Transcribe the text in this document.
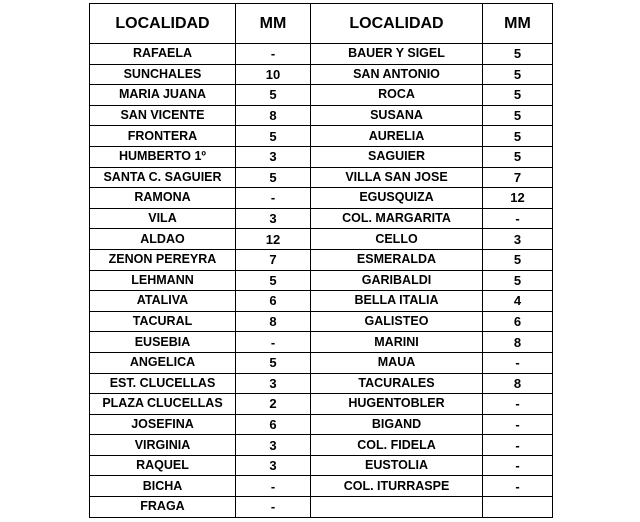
LOCALIDAD	MM	LOCALIDAD	MM
RAFAELA	-	BAUER Y SIGEL	5
SUNCHALES	10	SAN ANTONIO	5
MARIA JUANA	5	ROCA	5
SAN VICENTE	8	SUSANA	5
FRONTERA	5	AURELIA	5
HUMBERTO 1º	3	SAGUIER	5
SANTA C. SAGUIER	5	VILLA SAN JOSE	7
RAMONA	-	EGUSQUIZA	12
VILA	3	COL. MARGARITA	-
ALDAO	12	CELLO	3
ZENON PEREYRA	7	ESMERALDA	5
LEHMANN	5	GARIBALDI	5
ATALIVA	6	BELLA ITALIA	4
TACURAL	8	GALISTEO	6
EUSEBIA	-	MARINI	8
ANGELICA	5	MAUA	-
EST. CLUCELLAS	3	TACURALES	8
PLAZA CLUCELLAS	2	HUGENTOBLER	-
JOSEFINA	6	BIGAND	-
VIRGINIA	3	COL. FIDELA	-
RAQUEL	3	EUSTOLIA	-
BICHA	-	COL. ITURRASPE	-
FRAGA	-		
